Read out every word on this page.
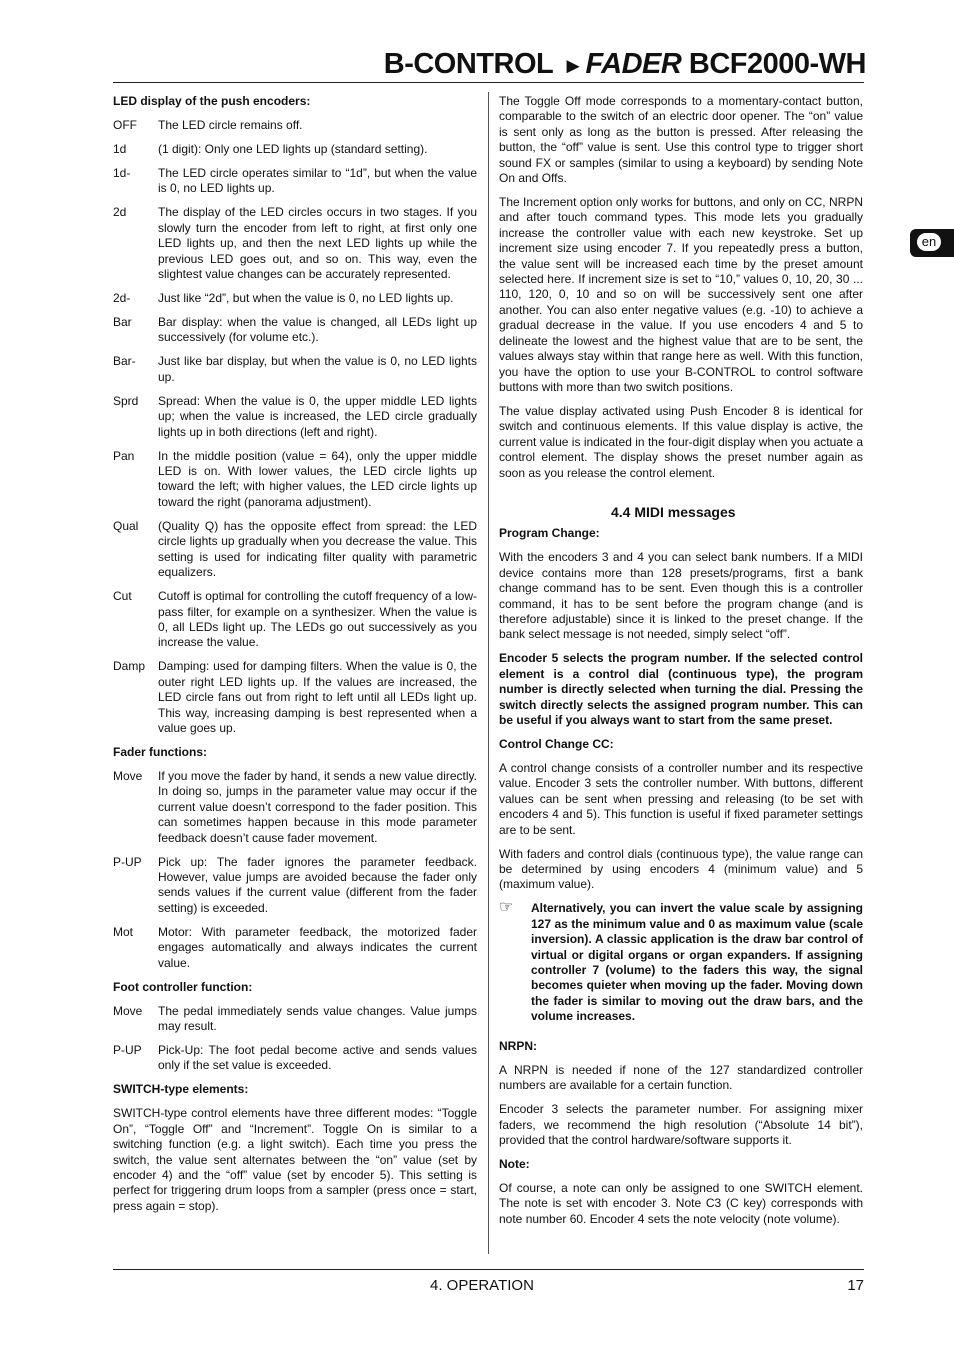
B-CONTROL ►FADER BCF2000-WH
en

LED display of the push encoders:

OFF	The LED circle remains off.
1d	(1 digit): Only one LED lights up (standard setting).
1d-	The LED circle operates similar to “1d”, but when the value is 0, no LED lights up.
2d	The display of the LED circles occurs in two stages. If you slowly turn the encoder from left to right, at first only one LED lights up, and then the next LED lights up while the previous LED goes out, and so on. This way, even the slightest value changes can be accurately represented.
2d-	Just like “2d”, but when the value is 0, no LED lights up.
Bar	Bar display: when the value is changed, all LEDs light up successively (for volume etc.).
Bar-	Just like bar display, but when the value is 0, no LED lights up.
Sprd	Spread: When the value is 0, the upper middle LED lights up; when the value is increased, the LED circle gradually lights up in both directions (left and right).
Pan	In the middle position (value = 64), only the upper middle LED is on. With lower values, the LED circle lights up toward the left; with higher values, the LED circle lights up toward the right (panorama adjustment).
Qual	(Quality Q) has the opposite effect from spread: the LED circle lights up gradually when you decrease the value. This setting is used for indicating filter quality with parametric equalizers.
Cut	Cutoff is optimal for controlling the cutoff frequency of a low-pass filter, for example on a synthesizer. When the value is 0, all LEDs light up. The LEDs go out successively as you increase the value.
Damp	Damping: used for damping filters. When the value is 0, the outer right LED lights up. If the values are increased, the LED circle fans out from right to left until all LEDs light up. This way, increasing damping is best represented when a value goes up.

Fader functions:

Move	If you move the fader by hand, it sends a new value directly. In doing so, jumps in the parameter value may occur if the current value doesn’t correspond to the fader position. This can sometimes happen because in this mode parameter feedback doesn’t cause fader movement.
P-UP	Pick up: The fader ignores the parameter feedback. However, value jumps are avoided because the fader only sends values if the current value (different from the fader setting) is exceeded.
Mot	Motor: With parameter feedback, the motorized fader engages automatically and always indicates the current value.

Foot controller function:

Move	The pedal immediately sends value changes. Value jumps may result.
P-UP	Pick-Up: The foot pedal become active and sends values only if the set value is exceeded.

SWITCH-type elements:

SWITCH-type control elements have three different modes: “Toggle On”, “Toggle Off” and “Increment”. Toggle On is similar to a switching function (e.g. a light switch). Each time you press the switch, the value sent alternates between the “on” value (set by encoder 4) and the “off” value (set by encoder 5). This setting is perfect for triggering drum loops from a sampler (press once = start, press again = stop).

The Toggle Off mode corresponds to a momentary-contact button, comparable to the switch of an electric door opener. The “on” value is sent only as long as the button is pressed. After releasing the button, the “off” value is sent. Use this control type to trigger short sound FX or samples (similar to using a keyboard) by sending Note On and Offs.

The Increment option only works for buttons, and only on CC, NRPN and after touch command types. This mode lets you gradually increase the controller value with each new keystroke. Set up increment size using encoder 7. If you repeatedly press a button, the value sent will be increased each time by the preset amount selected here. If increment size is set to “10,” values 0, 10, 20, 30 ... 110, 120, 0, 10 and so on will be successively sent one after another. You can also enter negative values (e.g. -10) to achieve a gradual decrease in the value. If you use encoders 4 and 5 to delineate the lowest and the highest value that are to be sent, the values always stay within that range here as well. With this function, you have the option to use your B-CONTROL to control software buttons with more than two switch positions.

The value display activated using Push Encoder 8 is identical for switch and continuous elements. If this value display is active, the current value is indicated in the four-digit display when you actuate a control element. The display shows the preset number again as soon as you release the control element.

4.4 MIDI messages

Program Change:

With the encoders 3 and 4 you can select bank numbers. If a MIDI device contains more than 128 presets/programs, first a bank change command has to be sent. Even though this is a controller command, it has to be sent before the program change (and is therefore adjustable) since it is linked to the preset change. If the bank select message is not needed, simply select “off”.

Encoder 5 selects the program number. If the selected control element is a control dial (continuous type), the program number is directly selected when turning the dial. Pressing the switch directly selects the assigned program number. This can be useful if you always want to start from the same preset.

Control Change CC:

A control change consists of a controller number and its respective value. Encoder 3 sets the controller number. With buttons, different values can be sent when pressing and releasing (to be set with encoders 4 and 5). This function is useful if fixed parameter settings are to be sent.

With faders and control dials (continuous type), the value range can be determined by using encoders 4 (minimum value) and 5 (maximum value).

☞	Alternatively, you can invert the value scale by assigning 127 as the minimum value and 0 as maximum value (scale inversion). A classic application is the draw bar control of virtual or digital organs or organ expanders. If assigning controller 7 (volume) to the faders this way, the signal becomes quieter when moving up the fader. Moving down the fader is similar to moving out the draw bars, and the volume increases.

NRPN:

A NRPN is needed if none of the 127 standardized controller numbers are available for a certain function.

Encoder 3 selects the parameter number. For assigning mixer faders, we recommend the high resolution (“Absolute 14 bit”), provided that the control hardware/software supports it.

Note:

Of course, a note can only be assigned to one SWITCH element. The note is set with encoder 3. Note C3 (C key) corresponds with note number 60. Encoder 4 sets the note velocity (note volume).

4. OPERATION	17
